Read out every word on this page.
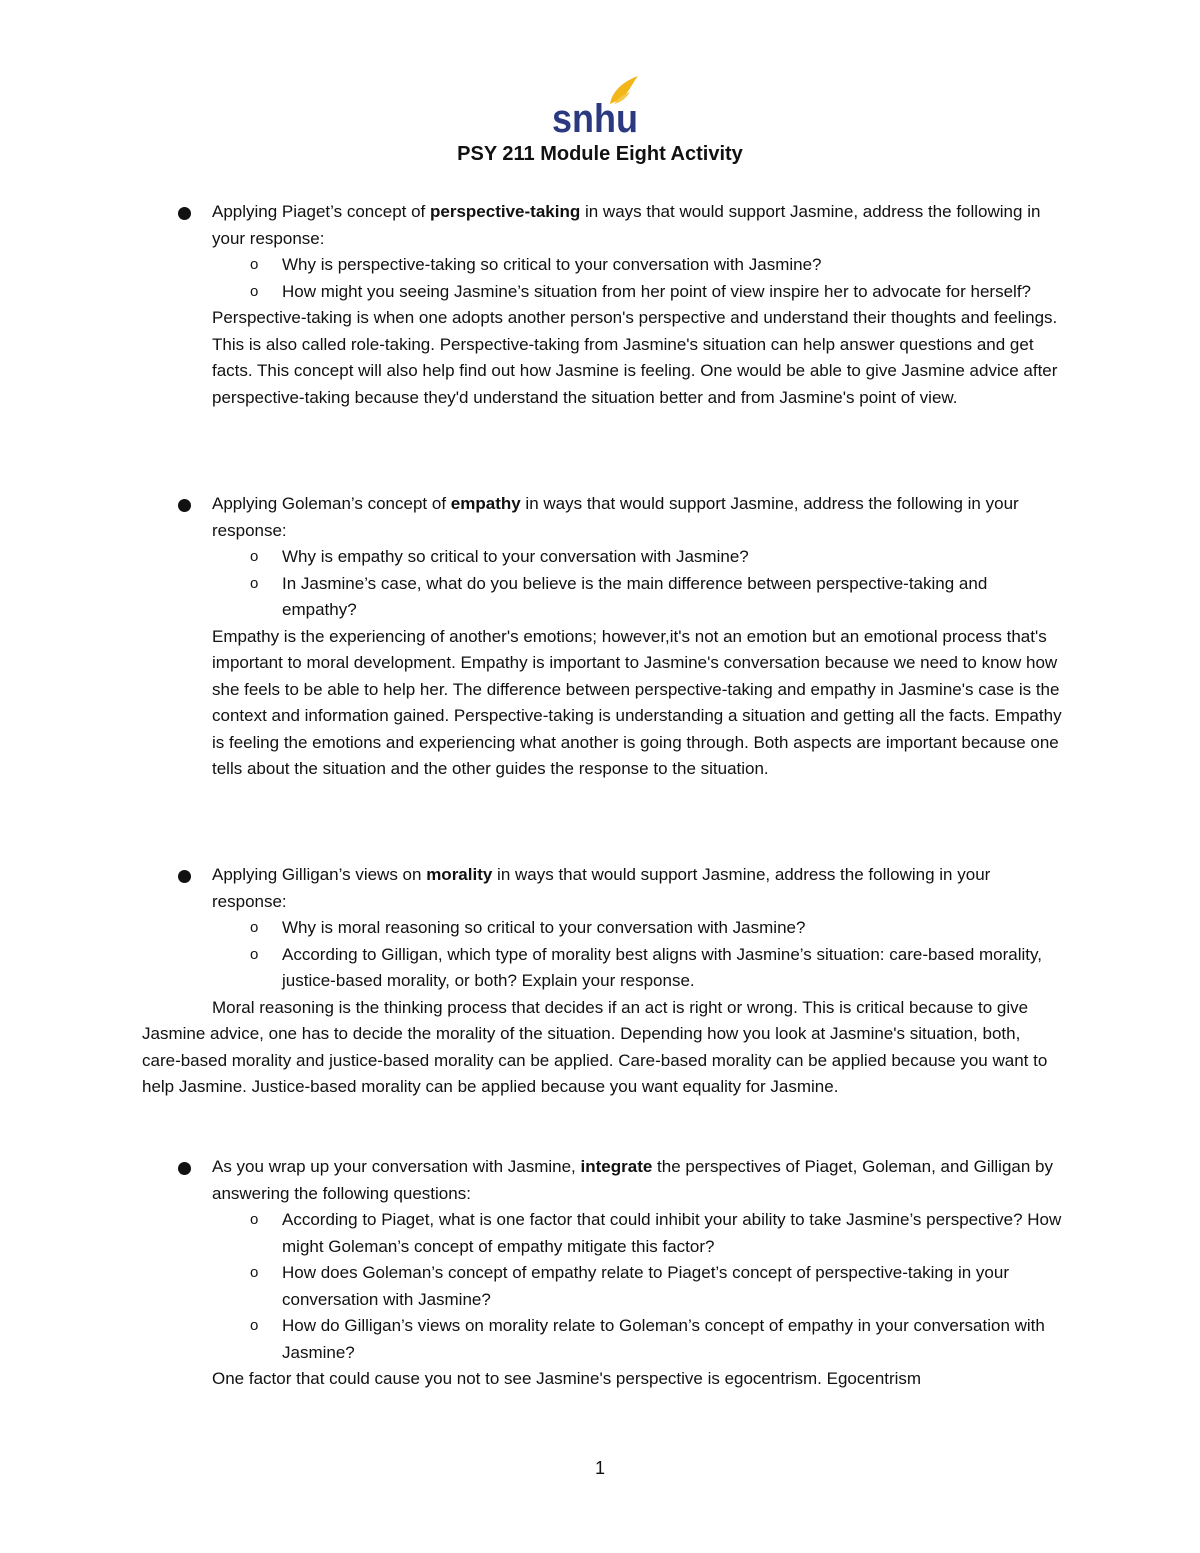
snhu
PSY 211 Module Eight Activity
Applying Piaget’s concept of perspective-taking in ways that would support Jasmine, address the following in your response:
o Why is perspective-taking so critical to your conversation with Jasmine?
o How might you seeing Jasmine’s situation from her point of view inspire her to advocate for herself?
Perspective-taking is when one adopts another person's perspective and understand their thoughts and feelings. This is also called role-taking. Perspective-taking from Jasmine's situation can help answer questions and get facts. This concept will also help find out how Jasmine is feeling. One would be able to give Jasmine advice after perspective-taking because they'd understand the situation better and from Jasmine's point of view.
Applying Goleman’s concept of empathy in ways that would support Jasmine, address the following in your response:
o Why is empathy so critical to your conversation with Jasmine?
o In Jasmine’s case, what do you believe is the main difference between perspective-taking and empathy?
Empathy is the experiencing of another's emotions; however,it's not an emotion but an emotional process that's important to moral development. Empathy is important to Jasmine's conversation because we need to know how she feels to be able to help her. The difference between perspective-taking and empathy in Jasmine's case is the context and information gained. Perspective-taking is understanding a situation and getting all the facts. Empathy is feeling the emotions and experiencing what another is going through. Both aspects are important because one tells about the situation and the other guides the response to the situation.
Applying Gilligan’s views on morality in ways that would support Jasmine, address the following in your response:
o Why is moral reasoning so critical to your conversation with Jasmine?
o According to Gilligan, which type of morality best aligns with Jasmine’s situation: care-based morality, justice-based morality, or both? Explain your response.
Moral reasoning is the thinking process that decides if an act is right or wrong. This is critical because to give Jasmine advice, one has to decide the morality of the situation. Depending how you look at Jasmine's situation, both, care-based morality and justice-based morality can be applied. Care-based morality can be applied because you want to help Jasmine. Justice-based morality can be applied because you want equality for Jasmine.
As you wrap up your conversation with Jasmine, integrate the perspectives of Piaget, Goleman, and Gilligan by answering the following questions:
o According to Piaget, what is one factor that could inhibit your ability to take Jasmine’s perspective? How might Goleman’s concept of empathy mitigate this factor?
o How does Goleman’s concept of empathy relate to Piaget’s concept of perspective-taking in your conversation with Jasmine?
o How do Gilligan’s views on morality relate to Goleman’s concept of empathy in your conversation with Jasmine?
One factor that could cause you not to see Jasmine's perspective is egocentrism. Egocentrism
1
